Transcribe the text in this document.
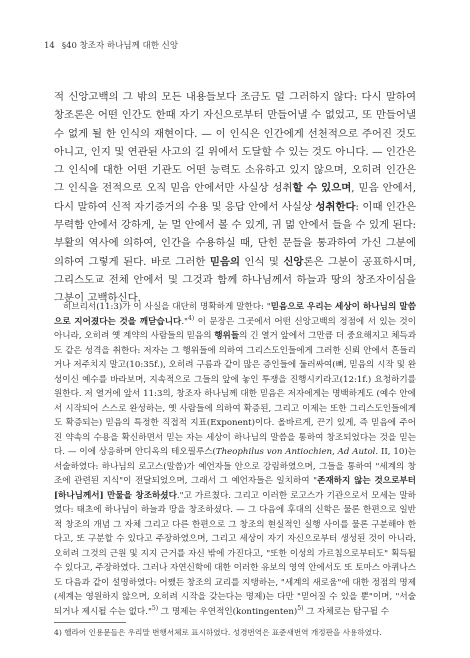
14 §40 창조자 하나님께 대한 신앙

적 신앙고백의 그 밖의 모든 내용들보다 조금도 덜 그러하지 않다: 다시 말하여 창조론은 어떤 인간도 한때 자기 자신으로부터 만들어낼 수 없었고, 또 만들어낼 수 없게 될 한 인식의 재현이다. — 이 인식은 인간에게 선천적으로 주어진 것도 아니고, 인지 및 연관된 사고의 길 위에서 도달할 수 있는 것도 아니다. — 인간은 그 인식에 대한 어떤 기관도 어떤 능력도 소유하고 있지 않으며, 오히려 인간은 그 인식을 전적으로 오직 믿음 안에서만 사실상 성취할 수 있으며, 믿음 안에서, 다시 말하여 신적 자기증거의 수용 및 응답 안에서 사실상 성취한다: 이때 인간은 무력함 안에서 강하게, 눈 멀 안에서 볼 수 있게, 귀 멂 안에서 들을 수 있게 된다: 부활의 역사에 의하여, 인간을 수용하실 때, 단힌 문들을 통과하여 가신 그분에 의하여 그렇게 된다. 바로 그러한 믿음의 인식 및 신앙론은 그분이 공표하시며, 그리스도교 전체 안에서 및 그것과 함께 하나님께서 하늘과 땅의 창조자이심을 그분이 고백하신다.

히브리서(11:3)가 이 사실을 대단히 명확하게 말한다: "믿음으로 우리는 세상이 하나님의 말씀으로 지어졌다는 것을 깨닫습니다."$^{4)}$ 이 문장은 그곳에서 어떤 신앙고백의 정점에 서 있는 것이 아니라, 오히려 옛 계약의 사람들의 믿음의 행위들의 긴 열거 앞에서 그만큼 더 중요해지고 체득과도 같은 성격을 취한다: 저자는 그 행위들에 의하여 그리스도인들에게 그러한 신뢰 안에서 흔들리거나 저주치지 말고(10:35f.), 오히려 구름과 같이 많은 증인들에 둘러싸여(뼈, 믿음의 시작 및 완성이신 예수를 바라보며, 지속적으로 그들의 앞에 놓인 투쟁을 진행시키라고(12:1f.) 요청하기를 원한다. 저 열거에 앞서 11:3의, 창조자 하나님께 대한 믿음은 저자에게는 명백하게도 (예수 안에서 시작되어 스스로 완성하는, 옛 사람들에 의하여 확증된, 그리고 이제는 또한 그리스도인들에게도 확증되는) 믿음의 특정한 직접적 지표(Exponent)이다. 올바르게, 끈기 있게, 즉 믿음에 주어진 약속의 수용을 확신하면서 믿는 자는 세상이 하나님의 말씀을 통하여 창조되었다는 것을 믿는다. — 이에 상응하며 안디옥의 테오필루스(Theophilus von Antiochien, Ad Autol. II, 10)는 서술하였다: 하나님의 로고스(말씀)가 예언자들 안으로 강림하였으며, 그들을 통하여 "세계의 창조에 관련된 지식"이 전달되었으며, 그래서 그 예언자들은 일치하여 "존재하지 않는 것으로부터 [하나님께서] 만물을 창조하셨다."고 가르쳤다. 그리고 이러한 로고스가 기관으로서 모세는 말하였다: 태초에 하나님이 하늘과 땅을 창조하셨다. — 그 다음에 후대의 신학은 물론 한편으로 일반적 창조의 개념 그 자체 그리고 다른 한편으로 그 창조의 현실적인 실행 사이를 물론 구분해야 한다고, 또 구분할 수 있다고 주장하였으며, 그리고 세상이 자기 자신으로부터 생성된 것이 아니라, 오히려 그것의 근원 및 지지 근거를 자신 밖에 가진다고, "또한 이성의 가르침으로부터도" 획득될 수 있다고, 주장하였다. 그러나 자연신학에 대한 이러한 유보의 영역 안에서도 또 토마스 아퀴나스도 다음과 같이 설명하였다: 어쨌든 창조의 교리를 지탱하는, "세계의 새로움"에 대한 정점의 명제(세계는 영원하지 않으며, 오히려 시작을 갖는다는 명제)는 다만 "믿어질 수 있을 뿐"이며, "서술되거나 제시될 수는 없다."$^{5)}$ 그 명제는 우연적인(kontingenten)$^{5)}$ 그 자체로는 탐구될 수

4) 헬라어 인용문들은 우리말 번행서체로 표시하였다. 성경번역은 표준새번역 개정판을 사용하였다.
